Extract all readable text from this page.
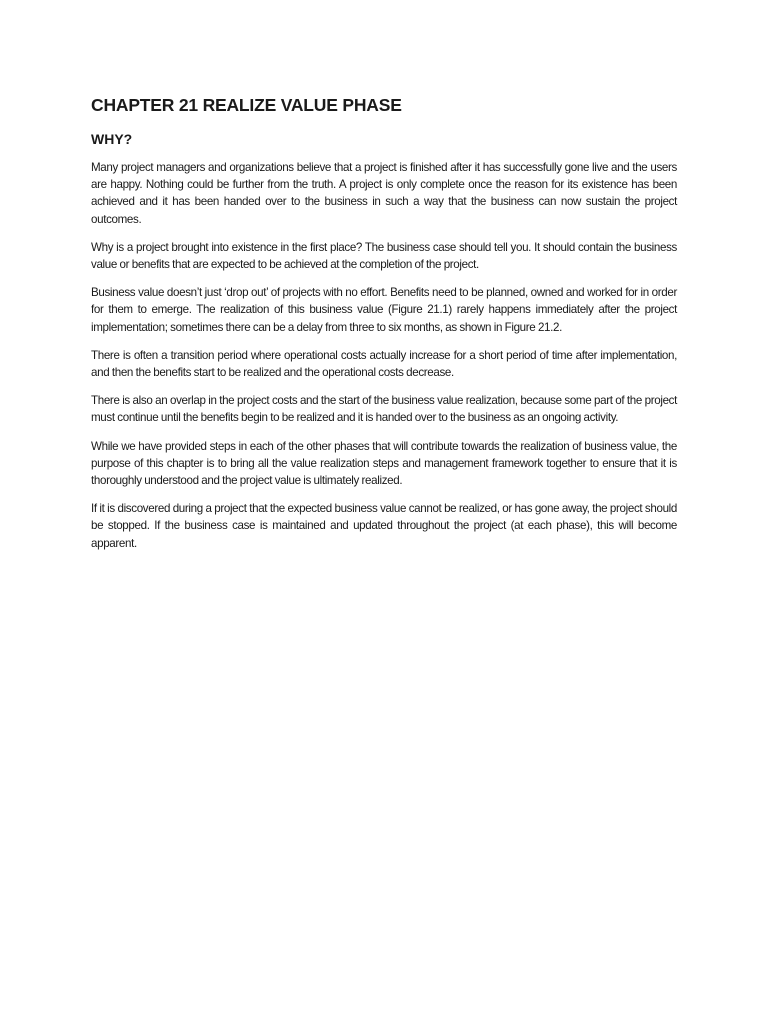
CHAPTER 21 REALIZE VALUE PHASE
WHY?

Many project managers and organizations believe that a project is finished after it has successfully gone live and the users are happy. Nothing could be further from the truth. A project is only complete once the reason for its existence has been achieved and it has been handed over to the business in such a way that the business can now sustain the project outcomes.

Why is a project brought into existence in the first place? The business case should tell you. It should contain the business value or benefits that are expected to be achieved at the completion of the project.

Business value doesn’t just ‘drop out’ of projects with no effort. Benefits need to be planned, owned and worked for in order for them to emerge. The realization of this business value (Figure 21.1) rarely happens immediately after the project implementation; sometimes there can be a delay from three to six months, as shown in Figure 21.2.

There is often a transition period where operational costs actually increase for a short period of time after implementation, and then the benefits start to be realized and the operational costs decrease.

There is also an overlap in the project costs and the start of the business value realization, because some part of the project must continue until the benefits begin to be realized and it is handed over to the business as an ongoing activity.

While we have provided steps in each of the other phases that will contribute towards the realization of business value, the purpose of this chapter is to bring all the value realization steps and management framework together to ensure that it is thoroughly understood and the project value is ultimately realized.

If it is discovered during a project that the expected business value cannot be realized, or has gone away, the project should be stopped. If the business case is maintained and updated throughout the project (at each phase), this will become apparent.
